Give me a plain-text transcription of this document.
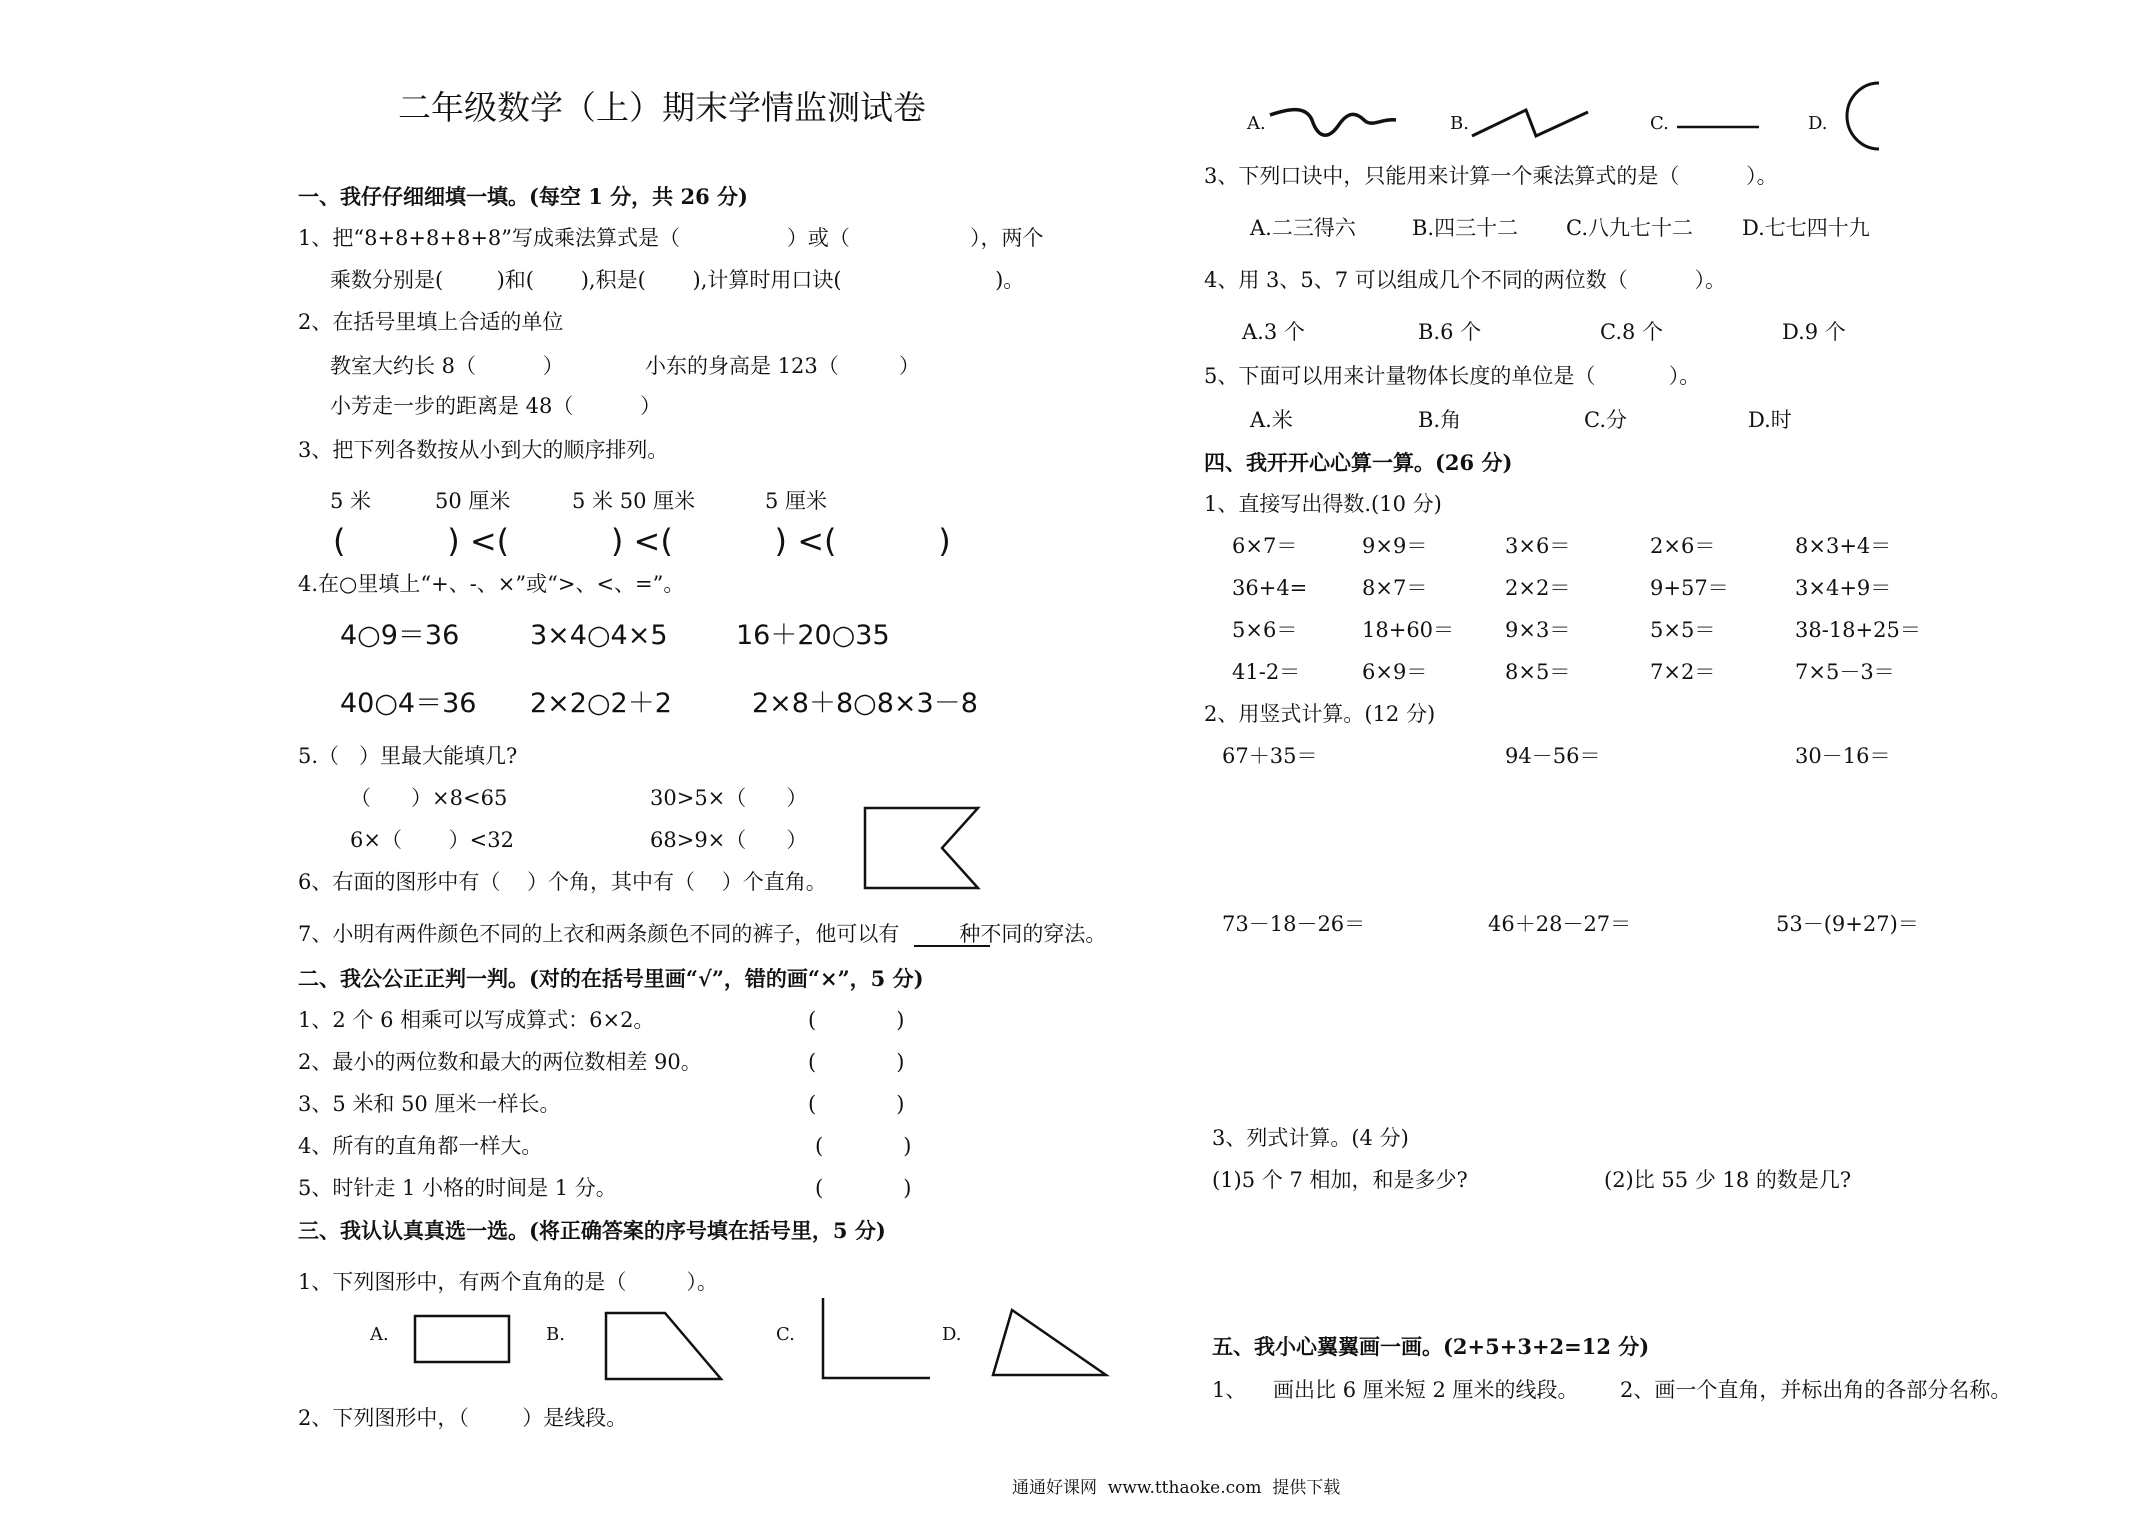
二年级数学（上）期末学情监测试卷
一、我仔仔细细填一填。(每空 1 分，共 26 分)
1、把“8+8+8+8+8”写成乘法算式是（                ）或（                  ），两个
乘数分别是(        )和(       ),积是(       ),计算时用口诀(                       )。
2、在括号里填上合适的单位
教室大约长 8（          ）	小东的身高是 123（         ）
小芳走一步的距离是 48（          ）
3、把下列各数按从小到大的顺序排列。
5 米	50 厘米	5 米 50 厘米	5 厘米
(          ) <(          ) <(          ) <(          )
4.在○里填上“+、-、×”或“>、<、=”。
4○9＝36	3×4○4×5	16＋20○35
40○4＝36 2×2○2＋2	2×8＋8○8×3－8
5.（   ）里最大能填几?
（      ）×8<65	30>5×（      ）
6×（       ）<32	68>9×（      ）
6、右面的图形中有（    ）个角，其中有（    ）个直角。
7、小明有两件颜色不同的上衣和两条颜色不同的裤子，他可以有         种不同的穿法。
二、我公公正正判一判。(对的在括号里画“√”，错的画“×”，5 分)
1、2 个 6 相乘可以写成算式：6×2。	(            )
2、最小的两位数和最大的两位数相差 90。	(            )
3、5 米和 50 厘米一样长。	(            )
4、所有的直角都一样大。	(            )
5、时针走 1 小格的时间是 1 分。	(            )
三、我认认真真选一选。(将正确答案的序号填在括号里，5 分)
1、下列图形中，有两个直角的是（         ）。
A.	B.	C.	D.
2、下列图形中，（        ）是线段。
A.	B.	C.	D.
3、下列口诀中，只能用来计算一个乘法算式的是（          ）。
A.二三得六	B.四三十二 C.八九七十二 D.七七四十九
4、用 3、5、7 可以组成几个不同的两位数（          ）。
A.3 个	B.6 个	C.8 个	D.9 个
5、下面可以用来计量物体长度的单位是（           ）。
A.米	B.角	C.分	D.时
四、我开开心心算一算。(26 分)
1、直接写出得数.(10 分)
6×7＝	9×9＝	3×6＝	2×6＝	8×3+4＝
36+4=	8×7＝	2×2＝	9+57＝	3×4+9＝
5×6＝	18+60＝ 9×3＝	5×5＝	38-18+25＝
41-2＝	6×9＝	8×5＝	7×2＝	7×5－3＝
2、用竖式计算。(12 分)
67＋35＝	94－56＝	30－16＝
73－18－26＝	46＋28－27＝	53－(9+27)＝
3、列式计算。(4 分)
(1)5 个 7 相加，和是多少?	(2)比 55 少 18 的数是几?
五、我小心翼翼画一画。(2+5+3+2=12 分)
1、    画出比 6 厘米短 2 厘米的线段。 2、画一个直角，并标出角的各部分名称。
通通好课网  www.tthaoke.com  提供下载
